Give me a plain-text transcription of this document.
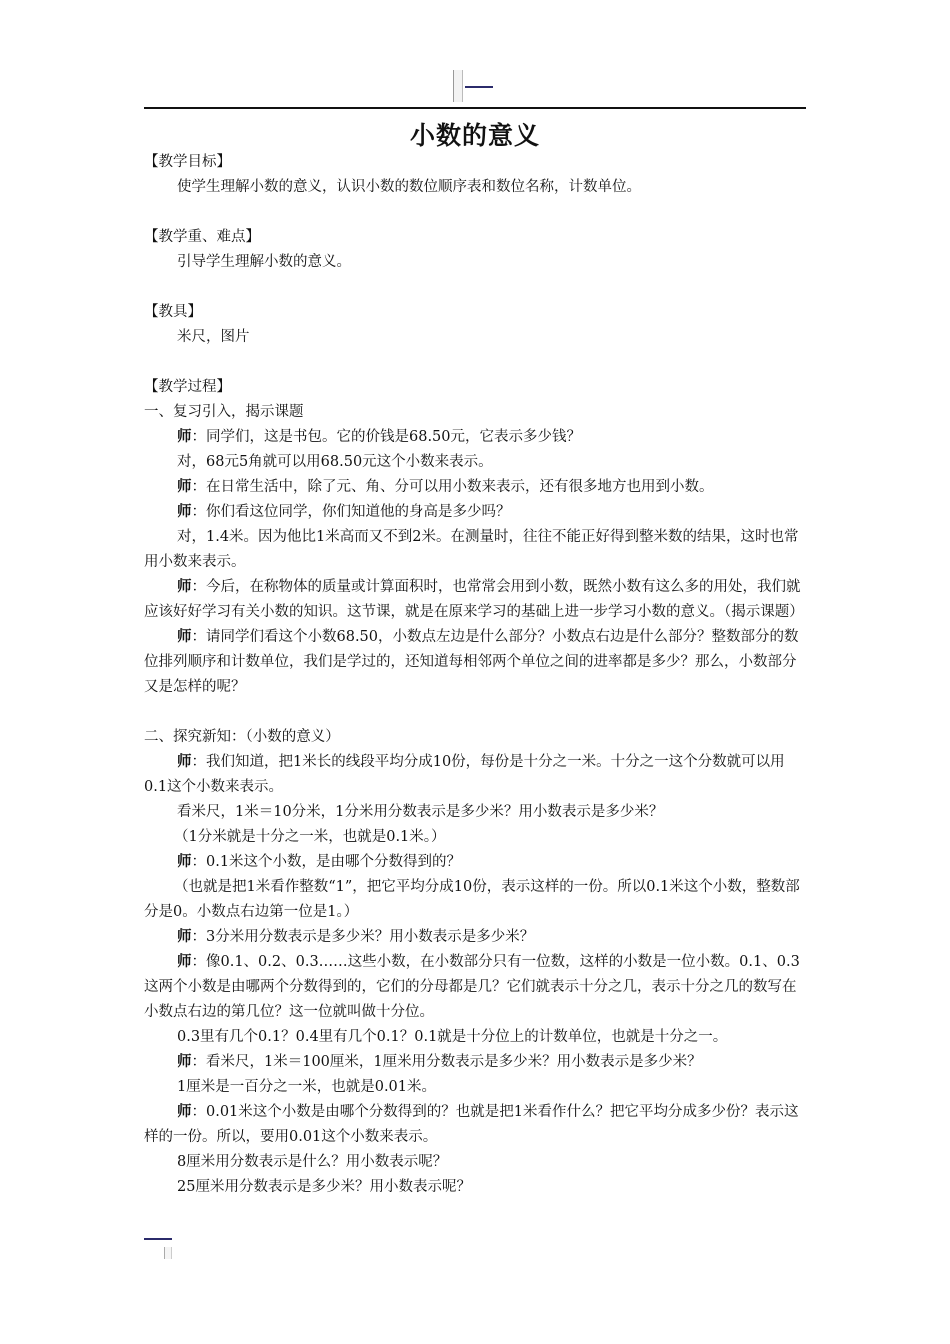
小数的意义

【教学目标】

使学生理解小数的意义，认识小数的数位顺序表和数位名称，计数单位。

【教学重、难点】

引导学生理解小数的意义。

【教具】

米尺，图片

【教学过程】

一、复习引入，揭示课题

师：同学们，这是书包。它的价钱是68.50元，它表示多少钱？

对，68元5角就可以用68.50元这个小数来表示。

师：在日常生活中，除了元、角、分可以用小数来表示，还有很多地方也用到小数。

师：你们看这位同学，你们知道他的身高是多少吗？

对，1.4米。因为他比1米高而又不到2米。在测量时，往往不能正好得到整米数的结果，这时也常用小数来表示。

师：今后，在称物体的质量或计算面积时，也常常会用到小数，既然小数有这么多的用处，我们就应该好好学习有关小数的知识。这节课，就是在原来学习的基础上进一步学习小数的意义。（揭示课题）

师：请同学们看这个小数68.50，小数点左边是什么部分？小数点右边是什么部分？整数部分的数位排列顺序和计数单位，我们是学过的，还知道每相邻两个单位之间的进率都是多少？那么，小数部分又是怎样的呢？

二、探究新知：（小数的意义）

师：我们知道，把1米长的线段平均分成10份，每份是十分之一米。十分之一这个分数就可以用0.1这个小数来表示。

看米尺，1米＝10分米，1分米用分数表示是多少米？用小数表示是多少米？

（1分米就是十分之一米，也就是0.1米。）

师：0.1米这个小数，是由哪个分数得到的？

（也就是把1米看作整数“1”，把它平均分成10份，表示这样的一份。所以0.1米这个小数，整数部分是0。小数点右边第一位是1。）

师：3分米用分数表示是多少米？用小数表示是多少米？

师：像0.1、0.2、0.3……这些小数，在小数部分只有一位数，这样的小数是一位小数。0.1、0.3这两个小数是由哪两个分数得到的，它们的分母都是几？它们就表示十分之几，表示十分之几的数写在小数点右边的第几位？这一位就叫做十分位。

0.3里有几个0.1？0.4里有几个0.1？0.1就是十分位上的计数单位，也就是十分之一。

师：看米尺，1米＝100厘米，1厘米用分数表示是多少米？用小数表示是多少米？

1厘米是一百分之一米，也就是0.01米。

师：0.01米这个小数是由哪个分数得到的？也就是把1米看作什么？把它平均分成多少份？表示这样的一份。所以，要用0.01这个小数来表示。

8厘米用分数表示是什么？用小数表示呢？

25厘米用分数表示是多少米？用小数表示呢？
